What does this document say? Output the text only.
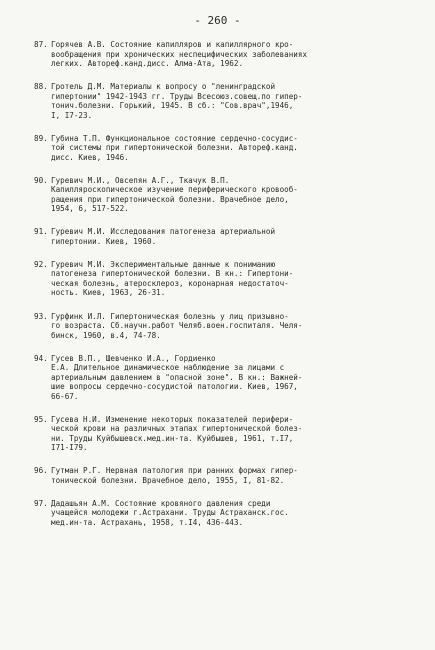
- 260 -
87. Горячев А.В. Состояние капилляров и капиллярного кро-
вообращения при хронических неспецифических заболеваниях
легких. Автореф.канд.дисс. Алма-Ата, 1962.
88. Гротель Д.М. Материалы к вопросу о "ленинградской
гипертонии" 1942-1943 гг. Труды Всесоюз.совещ.по гипер-
тонич.болезни. Горький, 1945. В сб.: "Сов.врач",1946,
I, I7-23.
89. Губина Т.П. Функциональное состояние сердечно-сосудис-
той системы при гипертонической болезни. Автореф.канд.
дисс. Киев, 1946.
90. Гуревич М.И., Овсепян А.Г., Ткачук В.П.
Капилляроскопическое изучение периферического кровооб-
ращения при гипертонической болезни. Врачебное дело,
1954, 6, 517-522.
91. Гуревич М.И. Исследования патогенеза артериальной
гипертонии. Киев, 1960.
92. Гуревич М.И. Экспериментальные данные к пониманию
патогенеза гипертонической болезни. В кн.: Гипертони-
ческая болезнь, атеросклероз, коронарная недостаточ-
ность. Киев, 1963, 26-31.
93. Гурфинк И.Л. Гипертоническая болезнь у лиц призывно-
го возраста. Сб.научн.работ Челяб.воен.госпиталя. Челя-
бинск, 1960, в.4, 74-78.
94. Гусев В.П., Шевченко И.А., Гордиенко
Е.А. Длительное динамическое наблюдение за лицами с
артериальным давлением в "опасной зоне". В кн.: Важней-
шие вопросы сердечно-сосудистой патологии. Киев, 1967,
66-67.
95. Гусева Н.И. Изменение некоторых показателей перифери-
ческой крови на различных этапах гипертонической болез-
ни. Труды Куйбышевск.мед.ин-та. Куйбышев, 1961, т.I7,
I71-I79.
96. Гутман Р.Г. Нервная патология при ранних формах гипер-
тонической болезни. Врачебное дело, 1955, I, 81-82.
97. Дадашьян А.М. Состояние кровяного давления среди
учащейся молодежи г.Астрахани. Труды Астраханск.гос.
мед.ин-та. Астрахань, 1958, т.I4, 436-443.
